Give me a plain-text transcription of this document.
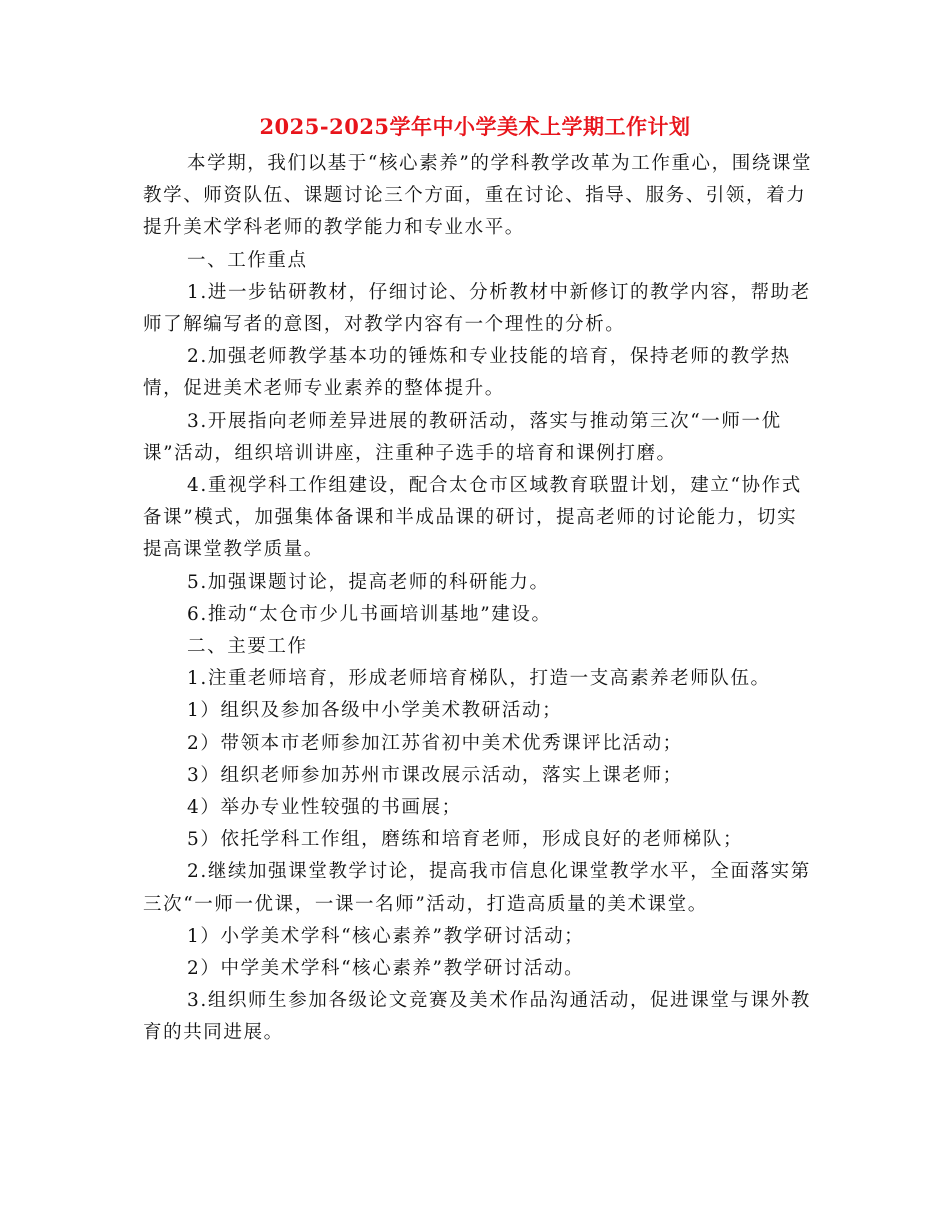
2025-2025学年中小学美术上学期工作计划

本学期，我们以基于“核心素养”的学科教学改革为工作重心，围绕课堂教学、师资队伍、课题讨论三个方面，重在讨论、指导、服务、引领，着力提升美术学科老师的教学能力和专业水平。

一、工作重点

1.进一步钻研教材，仔细讨论、分析教材中新修订的教学内容，帮助老师了解编写者的意图，对教学内容有一个理性的分析。

2.加强老师教学基本功的锤炼和专业技能的培育，保持老师的教学热情，促进美术老师专业素养的整体提升。

3.开展指向老师差异进展的教研活动，落实与推动第三次“一师一优课”活动，组织培训讲座，注重种子选手的培育和课例打磨。

4.重视学科工作组建设，配合太仓市区域教育联盟计划，建立“协作式备课”模式，加强集体备课和半成品课的研讨，提高老师的讨论能力，切实提高课堂教学质量。

5.加强课题讨论，提高老师的科研能力。

6.推动“太仓市少儿书画培训基地”建设。

二、主要工作

1.注重老师培育，形成老师培育梯队，打造一支高素养老师队伍。

1）组织及参加各级中小学美术教研活动；

2）带领本市老师参加江苏省初中美术优秀课评比活动；

3）组织老师参加苏州市课改展示活动，落实上课老师；

4）举办专业性较强的书画展；

5）依托学科工作组，磨练和培育老师，形成良好的老师梯队；

2.继续加强课堂教学讨论，提高我市信息化课堂教学水平，全面落实第三次“一师一优课，一课一名师”活动，打造高质量的美术课堂。

1）小学美术学科“核心素养”教学研讨活动；

2）中学美术学科“核心素养”教学研讨活动。

3.组织师生参加各级论文竞赛及美术作品沟通活动，促进课堂与课外教育的共同进展。
